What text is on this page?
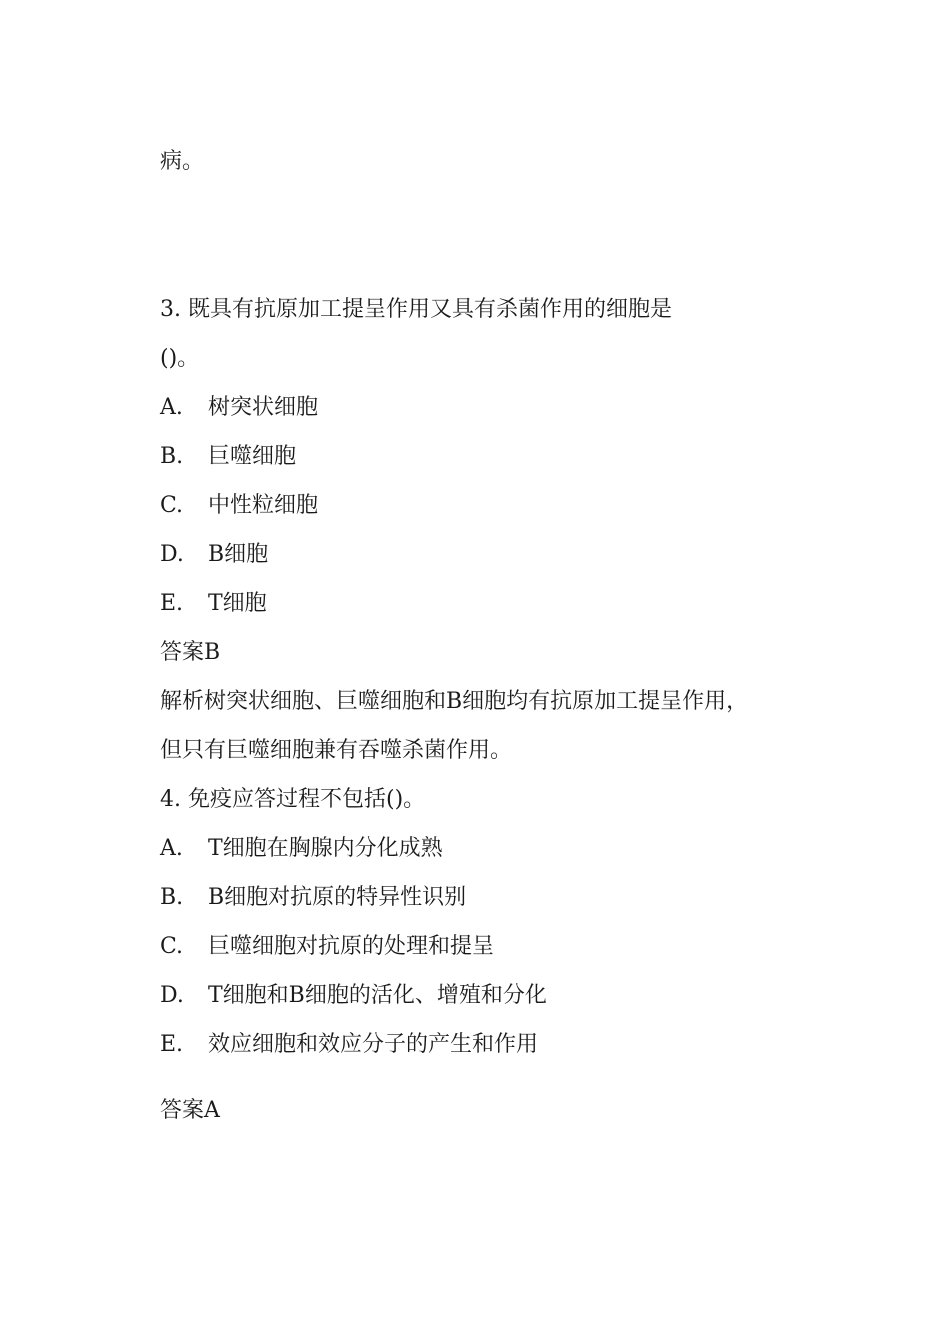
病。
3. 既具有抗原加工提呈作用又具有杀菌作用的细胞是
()。
A. 树突状细胞
B. 巨噬细胞
C. 中性粒细胞
D. B细胞
E. T细胞
答案B
解析树突状细胞、巨噬细胞和B细胞均有抗原加工提呈作用，
但只有巨噬细胞兼有吞噬杀菌作用。
4. 免疫应答过程不包括()。
A. T细胞在胸腺内分化成熟
B. B细胞对抗原的特异性识别
C. 巨噬细胞对抗原的处理和提呈
D. T细胞和B细胞的活化、增殖和分化
E. 效应细胞和效应分子的产生和作用
答案A
